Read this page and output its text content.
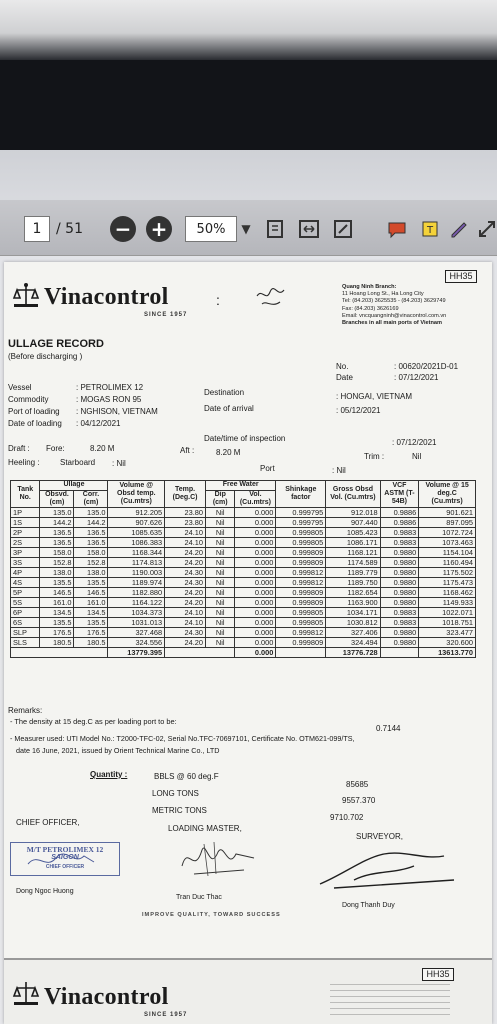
1	/ 51	− +	50%	▼	T
Vinacontrol
SINCE 1957
:
HH35
Quang Ninh Branch:
11 Hoang Long St., Ha Long City
Tel: (84.203) 3625535 - (84.203) 3629749
Fax: (84.203) 3626169
Email: vncquangninh@vinacontrol.com.vn
Branches in all main ports of Vietnam
ULLAGE RECORD
(Before discharging )
No.	: 00620/2021D-01
Date	: 07/12/2021
Vessel	: PETROLIMEX 12
Commodity	: MOGAS RON 95
Port of loading : NGHISON, VIETNAM
Date of loading : 04/12/2021
Destination	: HONGAI, VIETNAM
Date of arrival	: 05/12/2021
Date/time of inspection	: 07/12/2021
Draft : Fore:	8.20 M	Aft :	8.20 M	Trim :	Nil
Heeling :	Starboard : Nil
Port	: Nil
Remarks:
- The density at 15 deg.C as per loading port to be:
0.7144
- Measurer used: UTI Model No.: T2000-TFC-02, Serial No.TFC-70697101, Certificate No. OTM621-099/TS,
date 16 June, 2021, issued by Orient Technical Marine Co., LTD
Quantity :	BBLS @ 60 deg.F
85685
LONG TONS
9557.370
METRIC TONS
9710.702
CHIEF OFFICER,
LOADING MASTER,
SURVEYOR,
M/T PETROLIMEX 12
SAIGON
CHIEF OFFICER
Dong Ngoc Huong
Tran Duc Thac
Dong Thanh Duy
IMPROVE QUALITY, TOWARD SUCCESS
Tank No.	Ullage		Volume @ Obsd temp. (Cu.mtrs)	Temp. (Deg.C)	Free Water		Shinkage factor	Gross Obsd Vol. (Cu.mtrs)	VCF ASTM (T-54B)	Volume @ 15 deg.C (Cu.mtrs)
	Obsvd. (cm)	Corr. (cm)			Dip (cm)	Vol. (Cu.mtrs)				
1P	135.0	135.0	912.205	23.80	Nil	0.000	0.999795	912.018	0.9886	901.621
1S	144.2	144.2	907.626	23.80	Nil	0.000	0.999795	907.440	0.9886	897.095
2P	136.5	136.5	1085.635	24.10	Nil	0.000	0.999805	1085.423	0.9883	1072.724
2S	136.5	136.5	1086.383	24.10	Nil	0.000	0.999805	1086.171	0.9883	1073.463
3P	158.0	158.0	1168.344	24.20	Nil	0.000	0.999809	1168.121	0.9880	1154.104
3S	152.8	152.8	1174.813	24.20	Nil	0.000	0.999809	1174.589	0.9880	1160.494
4P	138.0	138.0	1190.003	24.30	Nil	0.000	0.999812	1189.779	0.9880	1175.502
4S	135.5	135.5	1189.974	24.30	Nil	0.000	0.999812	1189.750	0.9880	1175.473
5P	146.5	146.5	1182.880	24.20	Nil	0.000	0.999809	1182.654	0.9880	1168.462
5S	161.0	161.0	1164.122	24.20	Nil	0.000	0.999809	1163.900	0.9880	1149.933
6P	134.5	134.5	1034.373	24.10	Nil	0.000	0.999805	1034.171	0.9883	1022.071
6S	135.5	135.5	1031.013	24.10	Nil	0.000	0.999805	1030.812	0.9883	1018.751
SLP	176.5	176.5	327.468	24.30	Nil	0.000	0.999812	327.406	0.9880	323.477
SLS	180.5	180.5	324.556	24.20	Nil	0.000	0.999809	324.494	0.9880	320.600
			13779.395			0.000		13776.728		13613.770
Vinacontrol
SINCE 1957
HH35
